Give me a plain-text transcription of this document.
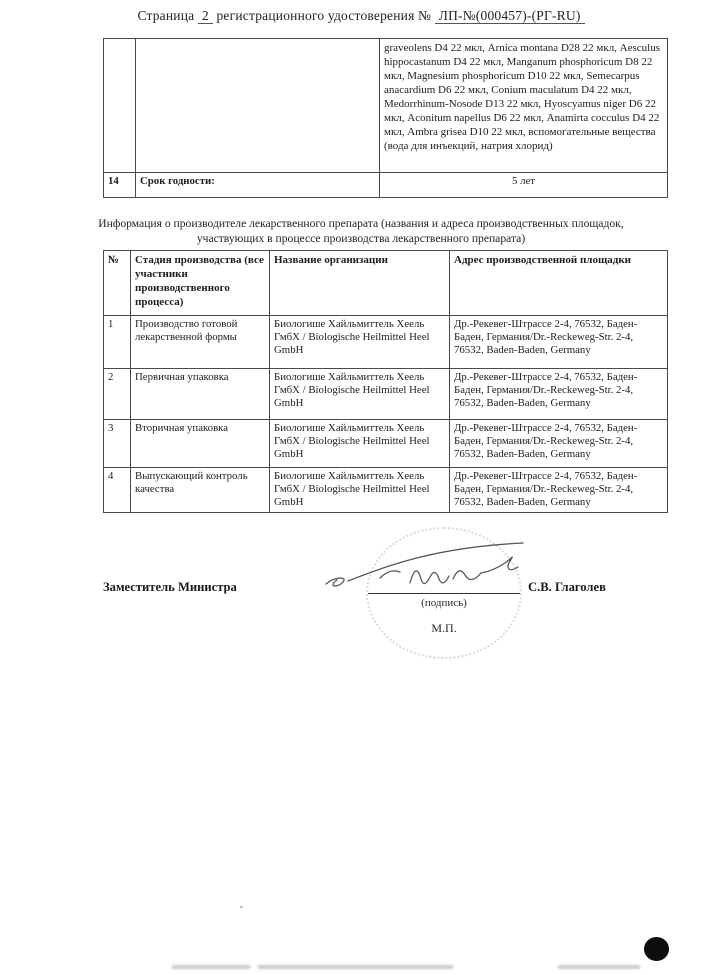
Страница 2 регистрационного удостоверения № ЛП-№(000457)-(РГ-RU)
		graveolens D4 22 мкл, Arnica montana D28 22 мкл, Aesculus hippocastanum D4 22 мкл, Manganum phosphoricum D8 22 мкл, Magnesium phosphoricum D10 22 мкл, Semecarpus anacardium D6 22 мкл, Conium maculatum D4 22 мкл, Medorrhinum-Nosode D13 22 мкл, Hyoscyamus niger D6 22 мкл, Aconitum napellus D6 22 мкл, Anamirta cocculus D4 22 мкл, Ambra grisea D10 22 мкл, вспомогательные вещества (вода для инъекций, натрия хлорид)
14	Срок годности:	5 лет
Информация о производителе лекарственного препарата (названия и адреса производственных площадок, участвующих в процессе производства лекарственного препарата)
№	Стадия производства (все участники производственного процесса)	Название организации	Адрес производственной площадки
1	Производство готовой лекарственной формы	Биологише Хайльмиттель Хеель ГмбХ / Biologische Heilmittel Heel GmbH	Др.-Рекевег-Штрассе 2-4, 76532, Баден-Баден, Германия/Dr.-Reckeweg-Str. 2-4, 76532, Baden-Baden, Germany
2	Первичная упаковка	Биологише Хайльмиттель Хеель ГмбХ / Biologische Heilmittel Heel GmbH	Др.-Рекевег-Штрассе 2-4, 76532, Баден-Баден, Германия/Dr.-Reckeweg-Str. 2-4, 76532, Baden-Baden, Germany
3	Вторичная упаковка	Биологише Хайльмиттель Хеель ГмбХ / Biologische Heilmittel Heel GmbH	Др.-Рекевег-Штрассе 2-4, 76532, Баден-Баден, Германия/Dr.-Reckeweg-Str. 2-4, 76532, Baden-Baden, Germany
4	Выпускающий контроль качества	Биологише Хайльмиттель Хеель ГмбХ / Biologische Heilmittel Heel GmbH	Др.-Рекевег-Штрассе 2-4, 76532, Баден-Баден, Германия/Dr.-Reckeweg-Str. 2-4, 76532, Baden-Baden, Germany
Заместитель Министра
(подпись)
С.В. Глаголев
М.П.
